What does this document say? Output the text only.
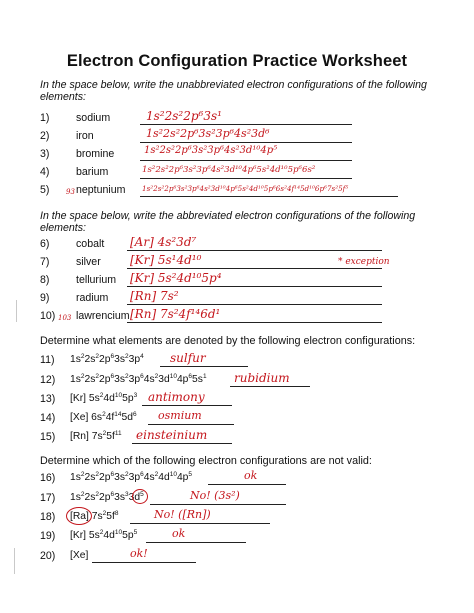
Electron Configuration Practice Worksheet
In the space below, write the unabbreviated electron configurations of the following elements:
1)	sodium	1s²2s²2p⁶3s¹
2)	iron	1s²2s²2p⁶3s²3p⁶4s²3d⁶
3)	bromine	1s²2s²2p⁶3s²3p⁶4s²3d¹⁰4p⁵
4)	barium	1s²2s²2p⁶3s²3p⁶4s²3d¹⁰4p⁶5s²4d¹⁰5p⁶6s²
5) 93 neptunium 1s²2s²2p⁶3s²3p⁶4s²3d¹⁰4p⁶5s²4d¹⁰5p⁶6s²4f¹⁴5d¹⁰6p⁶7s²5f⁵
In the space below, write the abbreviated electron configurations of the following elements:
6)	cobalt [Ar] 4s²3d⁷
7)	silver [Kr] 5s¹4d¹⁰	* exception
8)	tellurium [Kr] 5s²4d¹⁰5p⁴
9)	radium [Rn] 7s²
10) 103 lawrencium [Rn] 7s²4f¹⁴6d¹
Determine what elements are denoted by the following electron configurations:
11) $1s^22s^22p^63s^23p^4$ sulfur
12) $1s^22s^22p^63s^23p^64s^23d^{10}4p^65s^1$ rubidium
13) [Kr] $5s^24d^{10}5p^3$ antimony
14) [Xe] $6s^24f^{14}5d^6$ osmium
15) [Rn] $7s^25f^{11}$ einsteinium
Determine which of the following electron configurations are not valid:
16) $1s^22s^22p^63s^23p^64s^24d^{10}4p^5$	ok
17) $1s^22s^22p^63s^33d^5$	No! (3s²)
18) [Ra] $7s^25f^8$	No! ([Rn])
19) [Kr] $5s^24d^{10}5p^5$	ok
20) [Xe]	ok!
